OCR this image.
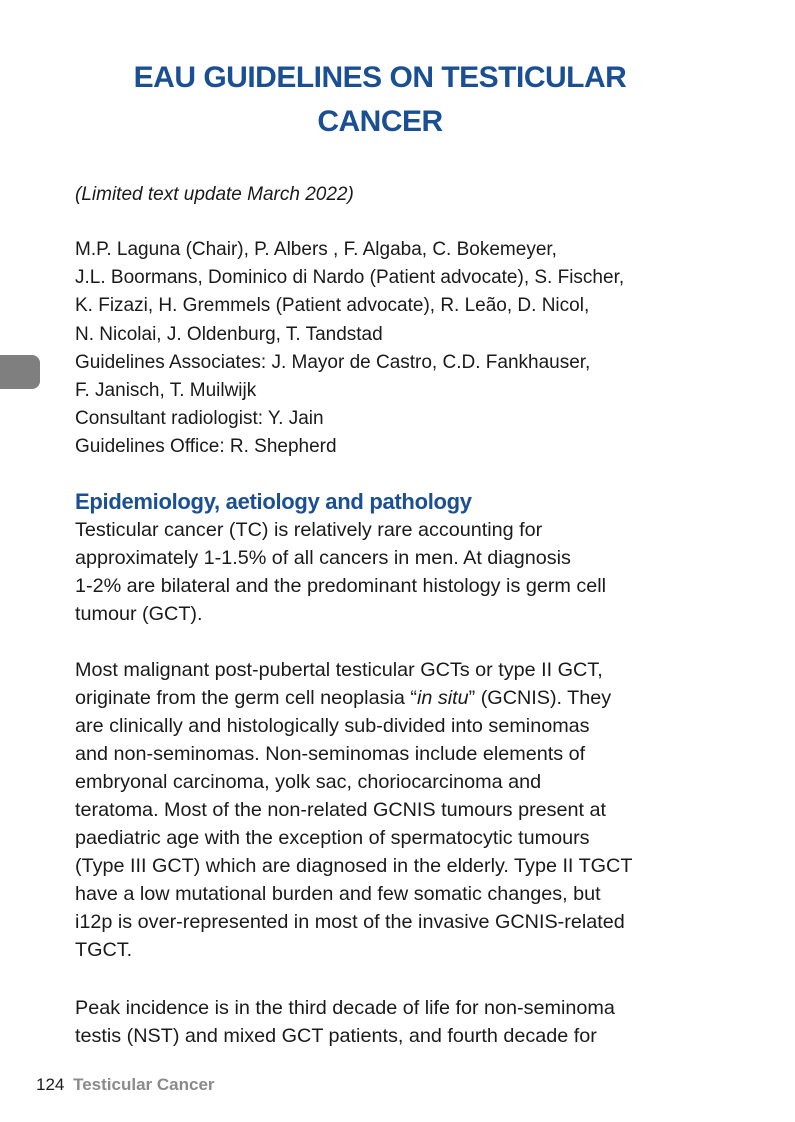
EAU GUIDELINES ON TESTICULAR
CANCER
(Limited text update March 2022)
M.P. Laguna (Chair), P. Albers , F. Algaba, C. Bokemeyer,
J.L. Boormans, Dominico di Nardo (Patient advocate), S. Fischer,
K. Fizazi, H. Gremmels (Patient advocate), R. Leão, D. Nicol,
N. Nicolai, J. Oldenburg, T. Tandstad
Guidelines Associates: J. Mayor de Castro, C.D. Fankhauser,
F. Janisch, T. Muilwijk
Consultant radiologist: Y. Jain
Guidelines Office: R. Shepherd
Epidemiology, aetiology and pathology
Testicular cancer (TC) is relatively rare accounting for
approximately 1-1.5% of all cancers in men. At diagnosis
1-2% are bilateral and the predominant histology is germ cell
tumour (GCT).
Most malignant post-pubertal testicular GCTs or type II GCT,
originate from the germ cell neoplasia “in situ” (GCNIS). They
are clinically and histologically sub-divided into seminomas
and non-seminomas. Non-seminomas include elements of
embryonal carcinoma, yolk sac, choriocarcinoma and
teratoma. Most of the non-related GCNIS tumours present at
paediatric age with the exception of spermatocytic tumours
(Type III GCT) which are diagnosed in the elderly. Type II TGCT
have a low mutational burden and few somatic changes, but
i12p is over-represented in most of the invasive GCNIS-related
TGCT.
Peak incidence is in the third decade of life for non-seminoma
testis (NST) and mixed GCT patients, and fourth decade for
124 Testicular Cancer
